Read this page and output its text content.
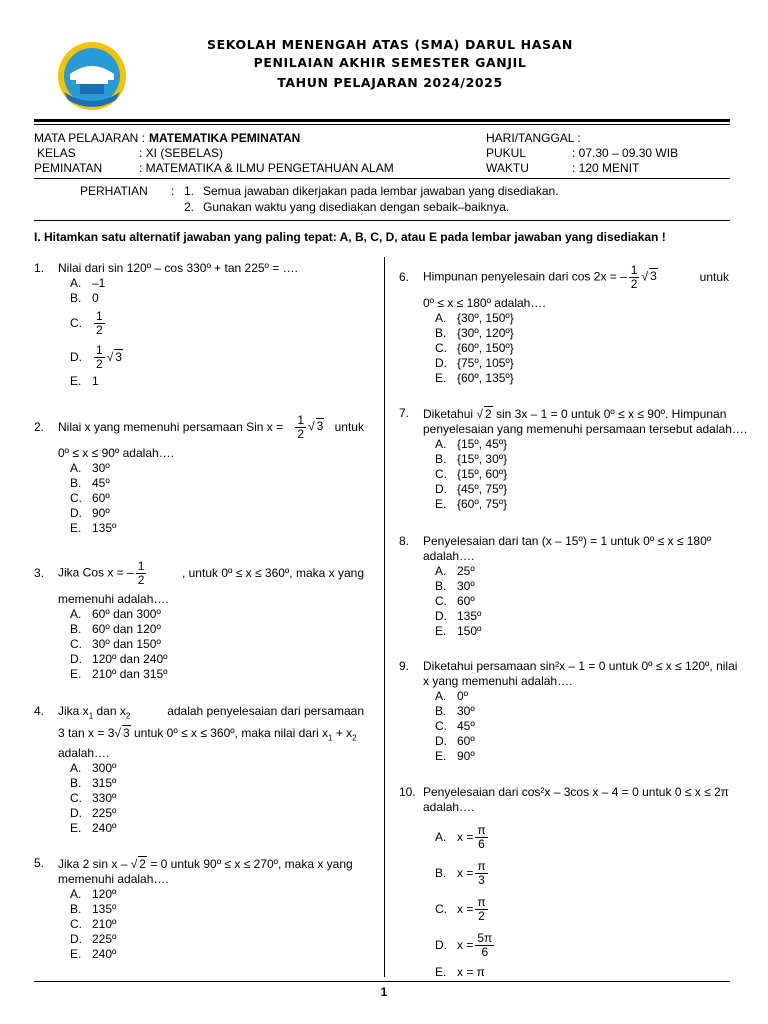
SEKOLAH MENENGAH ATAS (SMA) DARUL HASAN
PENILAIAN AKHIR SEMESTER GANJIL
TAHUN PELAJARAN 2024/2025
MATA PELAJARAN : MATEMATIKA PEMINATAN
KELAS	: XI (SEBELAS)
PEMINATAN	: MATEMATIKA & ILMU PENGETAHUAN ALAM
HARI/TANGGAL :
PUKUL	: 07.30 – 09.30 WIB
WAKTU	: 120 MENIT
PERHATIAN : 1. Semua jawaban dikerjakan pada lembar jawaban yang disediakan.
2. Gunakan waktu yang disediakan dengan sebaik–baiknya.
I. Hitamkan satu alternatif jawaban yang paling tepat: A, B, C, D, atau E pada lembar jawaban yang disediakan !
1. Nilai dari sin 120º – cos 330º + tan 225º = ….

A. –1
B. 0
C.	$\frac{1}{2}$
D.	$\frac{1}{2}$ √ 3
E. 1
2. Nilai x yang memenuhi persamaan Sin $x = \frac{1}{2}$ √ 3 untuk

0º ≤ x ≤ 90º adalah….

A. 30º
B. 45º
C. 60º
D. 90º
E. 135º
3. Jika Cos x = – $\frac{1}{2}$	, untuk 0º ≤ x ≤ 360º, maka x yang

memenuhi adalah….

A. 60º dan 300º
B. 60º dan 120º
C. 30º dan 150º
D. 120º dan 240º
E. 210º dan 315º
4. Jika $x_1$ dan $x_2$	adalah penyelesaian dari persamaan
3 tan x = 3√ 3 untuk 0º ≤ x ≤ 360º, maka nilai dari $x_1 + x_2$

adalah….

A. 300º
B. 315º
C. 330º
D. 225º
E. 240º
5. Jika 2 sin x – √ 2 = 0 untuk 90º ≤ x ≤ 270º, maka x yang

memenuhi adalah….

A. 120º
B. 135º
C. 210º
D. 225º
E. 240º
6. Himpunan penyelesain dari cos 2x = – $\frac{1}{2}$ √ 3	untuk

0º ≤ x ≤ 180º adalah….

A. {30º, 150º}
B. {30º, 120º}
C. {60º, 150º}
D. {75º, 105º}
E. {60º, 135º}
7. Diketahui √ 2 sin 3x – 1 = 0 untuk 0º ≤ x ≤ 90º. Himpunan

penyelesaian yang memenuhi persamaan tersebut adalah….

A. {15º, 45º}
B. {15º, 30º}
C. {15º, 60º}
D. {45º, 75º}
E. {60º, 75º}
8. Penyelesaian dari tan (x – 15º) = 1 untuk 0º ≤ x ≤ 180º

adalah….

A. 25º
B. 30º
C. 60º
D. 135º
E. 150º
9. Diketahui persamaan sin²x – 1 = 0 untuk 0º ≤ x ≤ 120º, nilai

x yang memenuhi adalah….

A. 0º
B. 30º
C. 45º
D. 60º
E. 90º
10. Penyelesaian dari cos²x – 3cos x – 4 = 0 untuk 0 ≤ x ≤ 2π

adalah….

A. $x = \frac{\pi}{6}$
B. $x = \frac{\pi}{3}$
C. $x = \frac{\pi}{2}$
D. $x = \frac{5\pi}{6}$
E. x = π
1
